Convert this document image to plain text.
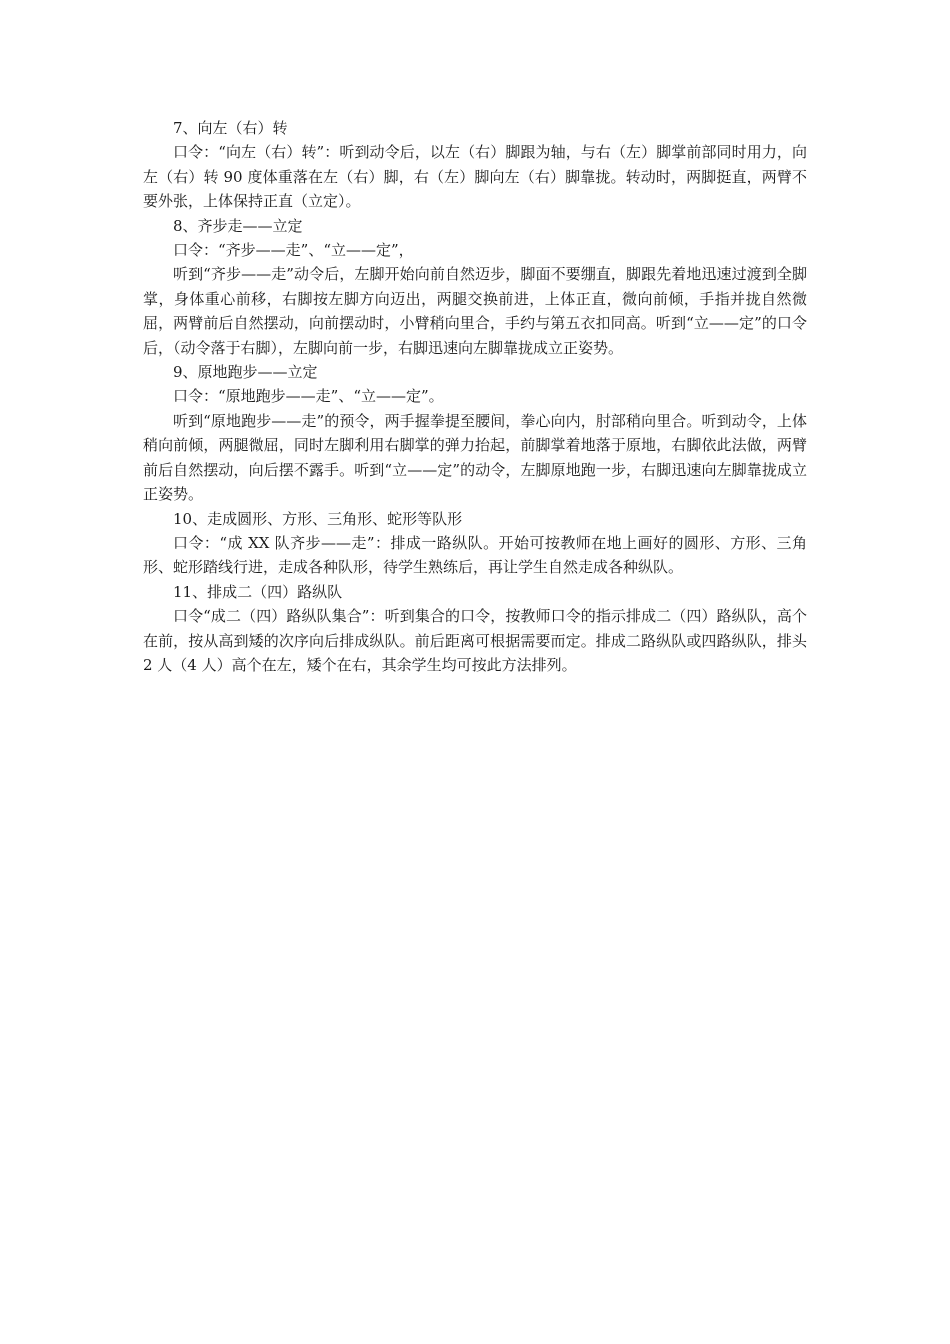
7、向左（右）转

口令：“向左（右）转”：听到动令后，以左（右）脚跟为轴，与右（左）脚掌前部同时用力，向左（右）转 90 度体重落在左（右）脚，右（左）脚向左（右）脚靠拢。转动时，两脚挺直，两臂不要外张，上体保持正直（立定）。

8、齐步走——立定

口令：“齐步——走”、“立——定”，

听到“齐步——走”动令后，左脚开始向前自然迈步，脚面不要绷直，脚跟先着地迅速过渡到全脚掌，身体重心前移，右脚按左脚方向迈出，两腿交换前进，上体正直，微向前倾，手指并拢自然微屈，两臂前后自然摆动，向前摆动时，小臂稍向里合，手约与第五衣扣同高。听到“立——定”的口令后，（动令落于右脚），左脚向前一步，右脚迅速向左脚靠拢成立正姿势。

9、原地跑步——立定

口令：“原地跑步——走”、“立——定”。

听到“原地跑步——走”的预令，两手握拳提至腰间，拳心向内，肘部稍向里合。听到动令，上体稍向前倾，两腿微屈，同时左脚利用右脚掌的弹力抬起，前脚掌着地落于原地，右脚依此法做，两臂前后自然摆动，向后摆不露手。听到“立——定”的动令，左脚原地跑一步，右脚迅速向左脚靠拢成立正姿势。

10、走成圆形、方形、三角形、蛇形等队形

口令：“成 XX 队齐步——走”：排成一路纵队。开始可按教师在地上画好的圆形、方形、三角形、蛇形踏线行进，走成各种队形，待学生熟练后，再让学生自然走成各种纵队。

11、排成二（四）路纵队

口令“成二（四）路纵队集合”：听到集合的口令，按教师口令的指示排成二（四）路纵队，高个在前，按从高到矮的次序向后排成纵队。前后距离可根据需要而定。排成二路纵队或四路纵队，排头 2 人（4 人）高个在左，矮个在右，其余学生均可按此方法排列。
